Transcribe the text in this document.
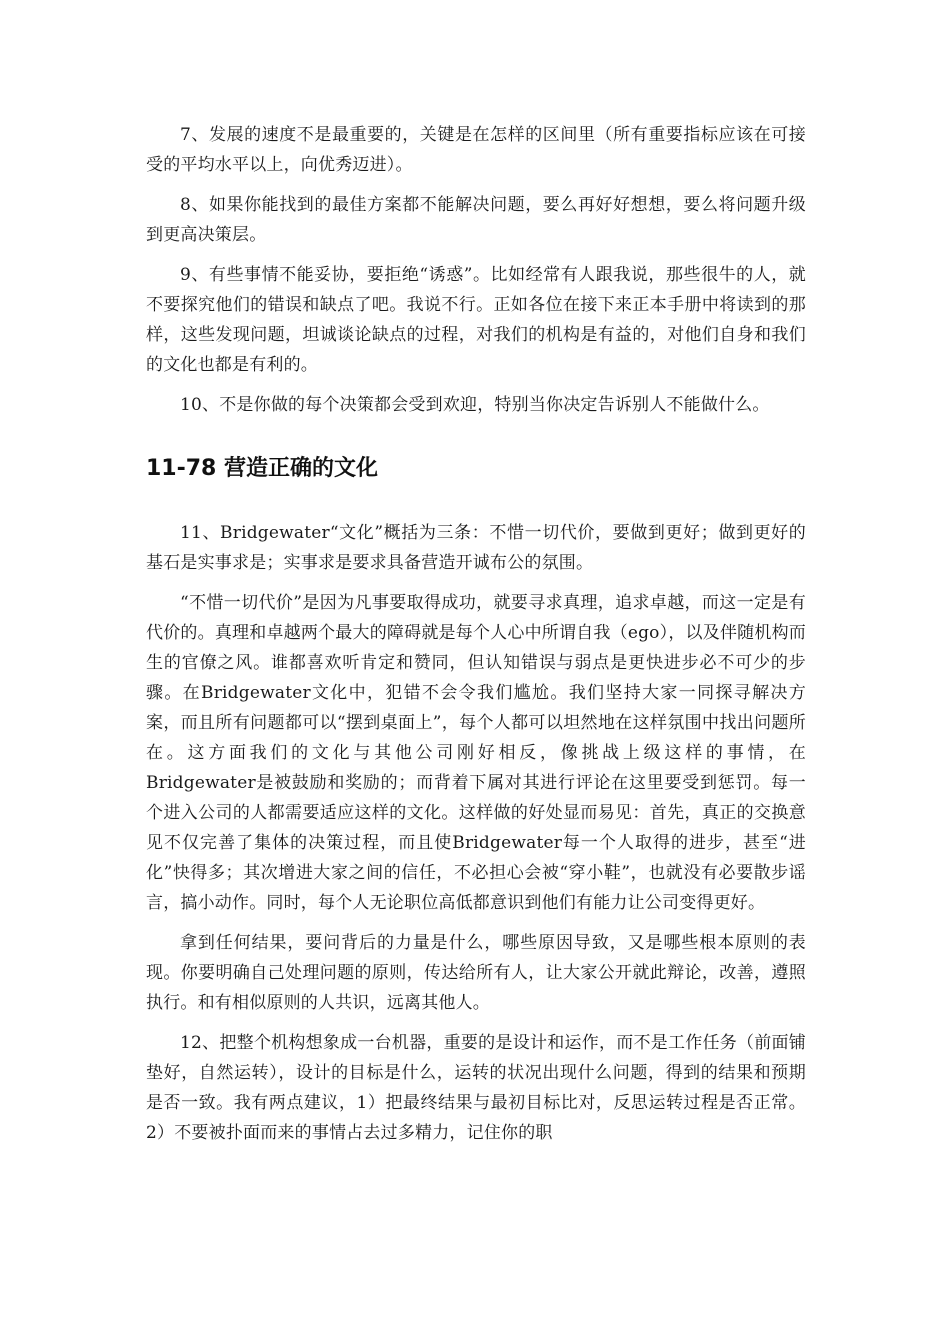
7、发展的速度不是最重要的，关键是在怎样的区间里（所有重要指标应该在可接受的平均水平以上，向优秀迈进）。

8、如果你能找到的最佳方案都不能解决问题，要么再好好想想，要么将问题升级到更高决策层。

9、有些事情不能妥协，要拒绝“诱惑”。比如经常有人跟我说，那些很牛的人，就不要探究他们的错误和缺点了吧。我说不行。正如各位在接下来正本手册中将读到的那样，这些发现问题，坦诚谈论缺点的过程，对我们的机构是有益的，对他们自身和我们的文化也都是有利的。

10、不是你做的每个决策都会受到欢迎，特别当你决定告诉别人不能做什么。

11-78 营造正确的文化

11、Bridgewater“文化”概括为三条：不惜一切代价，要做到更好；做到更好的基石是实事求是；实事求是要求具备营造开诚布公的氛围。

“不惜一切代价”是因为凡事要取得成功，就要寻求真理，追求卓越，而这一定是有代价的。真理和卓越两个最大的障碍就是每个人心中所谓自我（ego），以及伴随机构而生的官僚之风。谁都喜欢听肯定和赞同，但认知错误与弱点是更快进步必不可少的步骤。在Bridgewater文化中，犯错不会令我们尴尬。我们坚持大家一同探寻解决方案，而且所有问题都可以“摆到桌面上”，每个人都可以坦然地在这样氛围中找出问题所在。这方面我们的文化与其他公司刚好相反，像挑战上级这样的事情，在Bridgewater是被鼓励和奖励的；而背着下属对其进行评论在这里要受到惩罚。每一个进入公司的人都需要适应这样的文化。这样做的好处显而易见：首先，真正的交换意见不仅完善了集体的决策过程，而且使Bridgewater每一个人取得的进步，甚至“进化”快得多；其次增进大家之间的信任，不必担心会被“穿小鞋”，也就没有必要散步谣言，搞小动作。同时，每个人无论职位高低都意识到他们有能力让公司变得更好。

拿到任何结果，要问背后的力量是什么，哪些原因导致，又是哪些根本原则的表现。你要明确自己处理问题的原则，传达给所有人，让大家公开就此辩论，改善，遵照执行。和有相似原则的人共识，远离其他人。

12、把整个机构想象成一台机器，重要的是设计和运作，而不是工作任务（前面铺垫好，自然运转），设计的目标是什么，运转的状况出现什么问题，得到的结果和预期是否一致。我有两点建议，1）把最终结果与最初目标比对，反思运转过程是否正常。2）不要被扑面而来的事情占去过多精力，记住你的职
